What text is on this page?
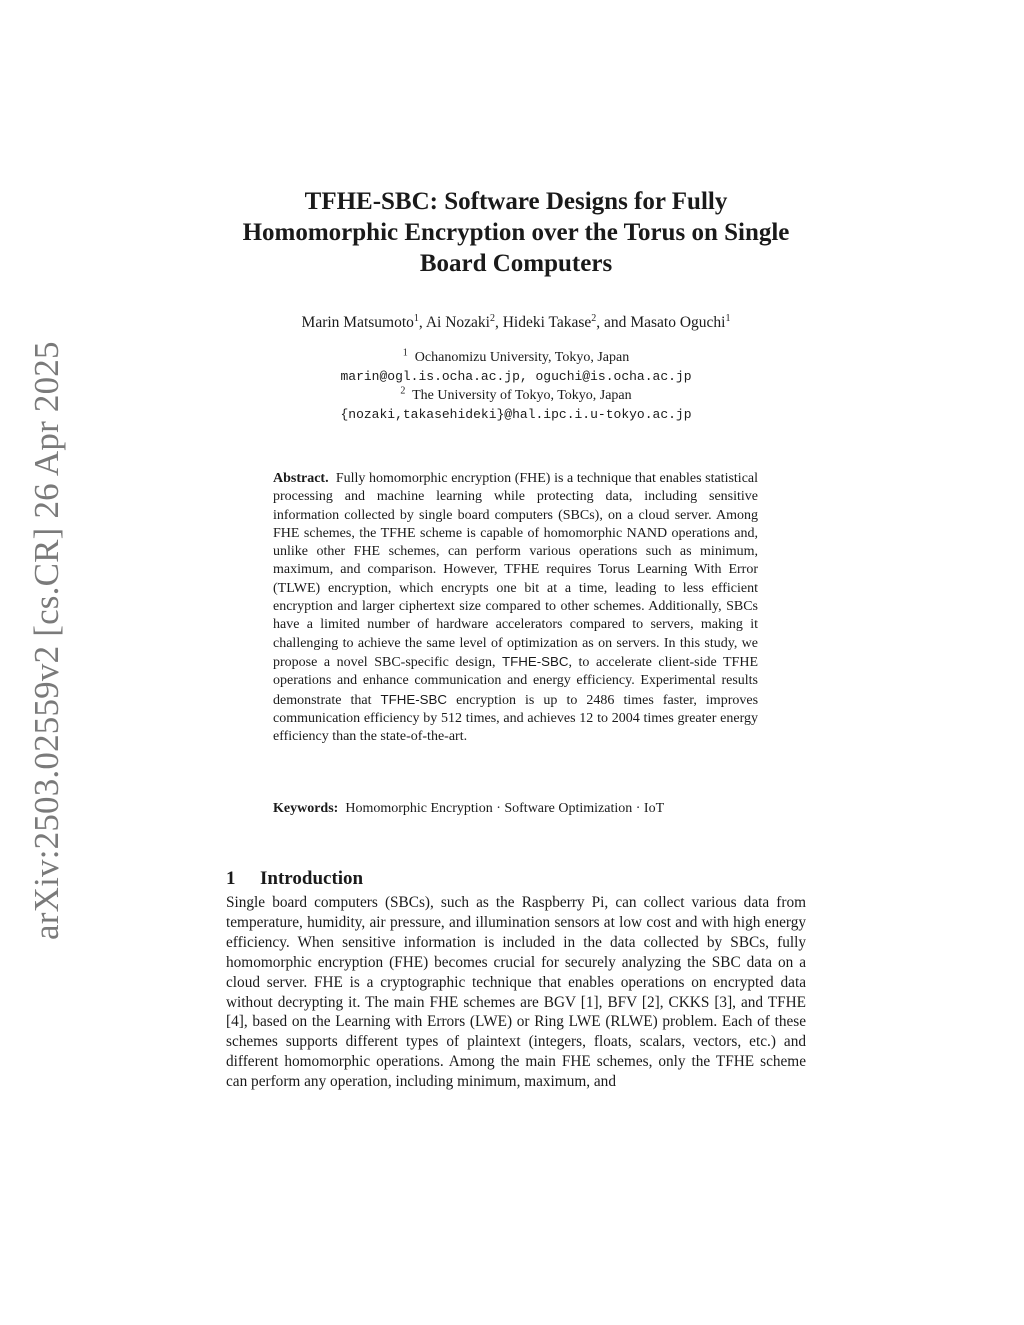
arXiv:2503.02559v2 [cs.CR] 26 Apr 2025
TFHE-SBC: Software Designs for Fully
Homomorphic Encryption over the Torus on Single
Board Computers
Marin Matsumoto$^1$, Ai Nozaki$^2$, Hideki Takase$^2$, and Masato Oguchi$^1$
$^1$ Ochanomizu University, Tokyo, Japan
marin@ogl.is.ocha.ac.jp, oguchi@is.ocha.ac.jp
$^2$ The University of Tokyo, Tokyo, Japan
{nozaki,takasehideki}@hal.ipc.i.u-tokyo.ac.jp
Abstract. Fully homomorphic encryption (FHE) is a technique that enables statistical processing and machine learning while protecting data, including sensitive information collected by single board computers (SBCs), on a cloud server. Among FHE schemes, the TFHE scheme is capable of homomorphic NAND operations and, unlike other FHE schemes, can perform various operations such as minimum, maximum, and comparison. However, TFHE requires Torus Learning With Error (TLWE) encryption, which encrypts one bit at a time, leading to less efficient encryption and larger ciphertext size compared to other schemes. Additionally, SBCs have a limited number of hardware accelerators compared to servers, making it challenging to achieve the same level of optimization as on servers. In this study, we propose a novel SBC-specific design, TFHE-SBC, to accelerate client-side TFHE operations and enhance communication and energy efficiency. Experimental results demonstrate that TFHE-SBC encryption is up to 2486 times faster, improves communication efficiency by 512 times, and achieves 12 to 2004 times greater energy efficiency than the state-of-the-art.
Keywords: Homomorphic Encryption · Software Optimization · IoT
1 Introduction

Single board computers (SBCs), such as the Raspberry Pi, can collect various data from temperature, humidity, air pressure, and illumination sensors at low cost and with high energy efficiency. When sensitive information is included in the data collected by SBCs, fully homomorphic encryption (FHE) becomes crucial for securely analyzing the SBC data on a cloud server. FHE is a cryptographic technique that enables operations on encrypted data without decrypting it. The main FHE schemes are BGV [1], BFV [2], CKKS [3], and TFHE [4], based on the Learning with Errors (LWE) or Ring LWE (RLWE) problem. Each of these schemes supports different types of plaintext (integers, floats, scalars, vectors, etc.) and different homomorphic operations. Among the main FHE schemes, only the TFHE scheme can perform any operation, including minimum, maximum, and
